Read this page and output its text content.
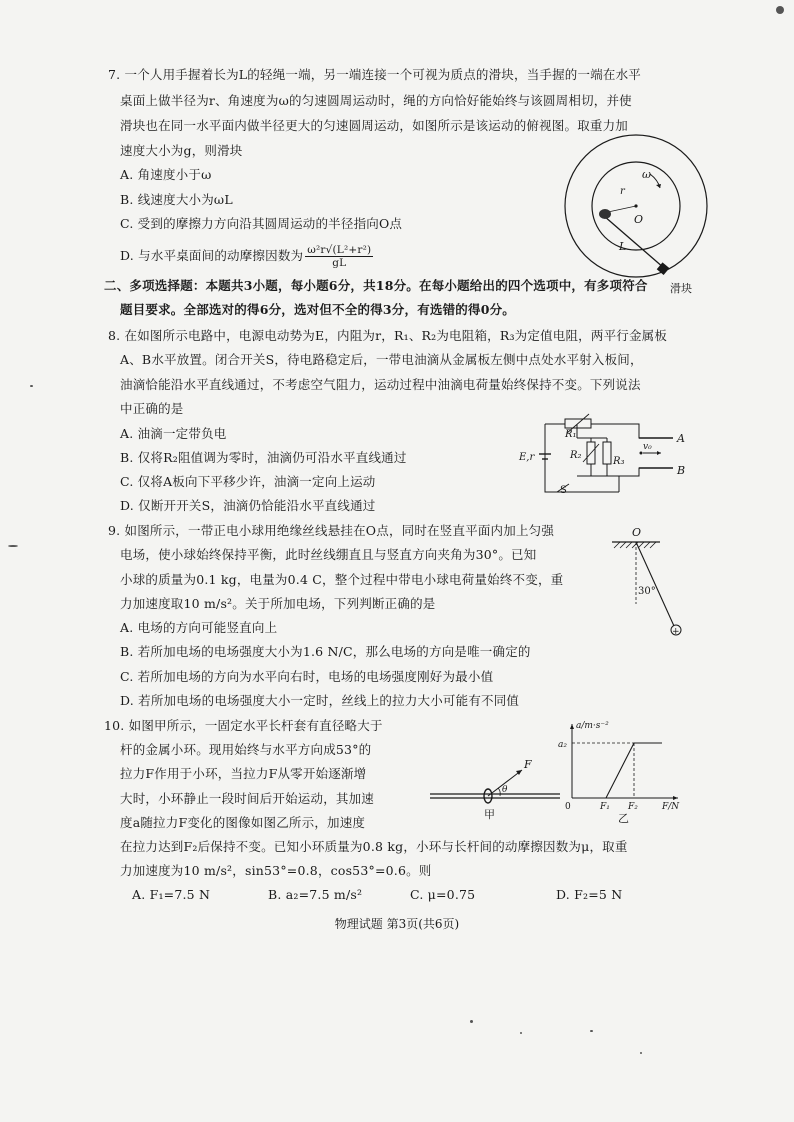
7. 一个人用手握着长为L的轻绳一端，另一端连接一个可视为质点的滑块，当手握的一端在水平
桌面上做半径为r、角速度为ω的匀速圆周运动时，绳的方向恰好能始终与该圆周相切，并使
滑块也在同一水平面内做半径更大的匀速圆周运动，如图所示是该运动的俯视图。取重力加
速度大小为g，则滑块
A. 角速度小于ω
B. 线速度大小为ωL
C. 受到的摩擦力方向沿其圆周运动的半径指向O点
D. 与水平桌面间的动摩擦因数为 $\frac{\text{ω²r√(L²+r²)}}{gL}$
ω
r
O
L
滑块
二、多项选择题：本题共3小题，每小题6分，共18分。在每小题给出的四个选项中，有多项符合
题目要求。全部选对的得6分，选对但不全的得3分，有选错的得0分。
8. 在如图所示电路中，电源电动势为E，内阻为r，R₁、R₂为电阻箱，R₃为定值电阻，两平行金属板
A、B水平放置。闭合开关S，待电路稳定后，一带电油滴从金属板左侧中点处水平射入板间，
油滴恰能沿水平直线通过，不考虑空气阻力，运动过程中油滴电荷量始终保持不变。下列说法
中正确的是
A. 油滴一定带负电
B. 仅将R₂阻值调为零时，油滴仍可沿水平直线通过
C. 仅将A板向下平移少许，油滴一定向上运动
D. 仅断开开关S，油滴仍恰能沿水平直线通过
R₁
R₂
R₃
E,r
v₀
A
B
S
9. 如图所示，一带正电小球用绝缘丝线悬挂在O点，同时在竖直平面内加上匀强
电场，使小球始终保持平衡，此时丝线绷直且与竖直方向夹角为30°。已知
小球的质量为0.1 kg，电量为0.4 C，整个过程中带电小球电荷量始终不变，重
力加速度取10 m/s²。关于所加电场，下列判断正确的是
A. 电场的方向可能竖直向上
B. 若所加电场的电场强度大小为1.6 N/C，那么电场的方向是唯一确定的
C. 若所加电场的方向为水平向右时，电场的电场强度刚好为最小值
D. 若所加电场的电场强度大小一定时，丝线上的拉力大小可能有不同值
O
30°
+
10. 如图甲所示，一固定水平长杆套有直径略大于
杆的金属小环。现用始终与水平方向成53°的
拉力F作用于小环，当拉力F从零开始逐渐增
大时，小环静止一段时间后开始运动，其加速
度a随拉力F变化的图像如图乙所示，加速度
在拉力达到F₂后保持不变。已知小环质量为0.8 kg，小环与长杆间的动摩擦因数为μ，取重
力加速度为10 m/s²，sin53°=0.8，cos53°=0.6。则
A. F₁=7.5 N	B. a₂=7.5 m/s²	C. μ=0.75	D. F₂=5 N
F
θ
甲
a/m·s⁻²
a₂
0	F₁ F₂	F/N
乙
物理试题 第3页(共6页)
